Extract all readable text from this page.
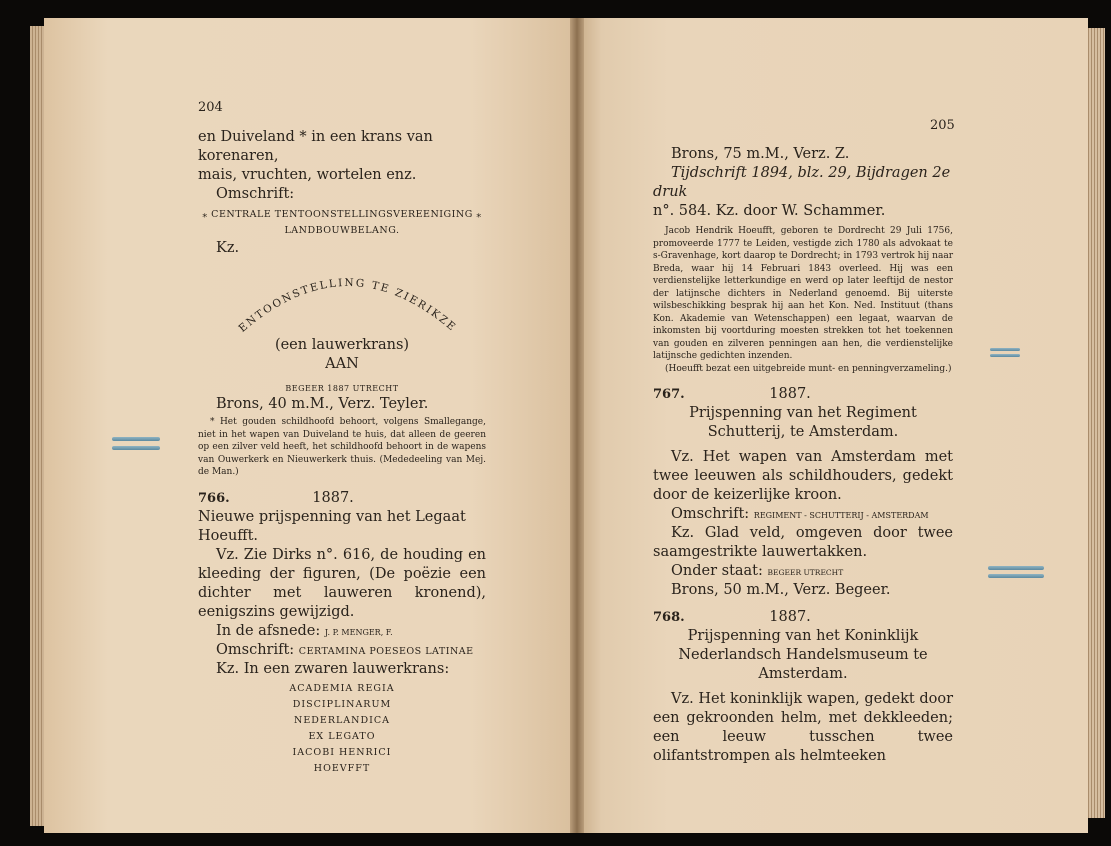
204

en Duiveland * in een krans van korenaren,

mais, vruchten, wortelen enz.

Omschrift:

⁎ CENTRALE TENTOONSTELLINGSVEREENIGING ⁎

LANDBOUWBELANG.

Kz.

ENTOONSTELLING TE ZIERIKZE

(een lauwerkrans)

AAN

BEGEER 1887 UTRECHT

Brons, 40 m.M., Verz. Teyler.

* Het gouden schildhoofd behoort, volgens Smallegange, niet in het wapen van Duiveland te huis, dat alleen de geeren op een zilver veld heeft, het schildhoofd behoort in de wapens van Ouwerkerk en Nieuwerkerk thuis. (Mededeeling van Mej. de Man.)

766.	1887.

Nieuwe prijspenning van het Legaat Hoeufft.

Vz. Zie Dirks n°. 616, de houding en kleeding der figuren, (De poëzie een dichter met lauweren kronend), eenigszins gewijzigd.

In de afsnede: J. P. MENGER, F.

Omschrift: CERTAMINA POESEOS LATINAE

Kz. In een zwaren lauwerkrans:

ACADEMIA REGIA
DISCIPLINARUM
NEDERLANDICA
EX LEGATO
IACOBI HENRICI
HOEVFFT
205

Brons, 75 m.M., Verz. Z.

Tijdschrift 1894, blz. 29, Bijdragen 2e druk

n°. 584. Kz. door W. Schammer.

Jacob Hendrik Hoeufft, geboren te Dordrecht 29 Juli 1756, promoveerde 1777 te Leiden, vestigde zich 1780 als advokaat te s-Gravenhage, kort daarop te Dordrecht; in 1793 vertrok hij naar Breda, waar hij 14 Februari 1843 overleed. Hij was een verdienstelijke letterkundige en werd op later leeftijd de nestor der latijnsche dichters in Nederland genoemd. Bij uiterste wilsbeschikking besprak hij aan het Kon. Ned. Instituut (thans Kon. Akademie van Wetenschappen) een legaat, waarvan de inkomsten bij voortduring moesten strekken tot het toekennen van gouden en zilveren penningen aan hen, die verdienstelijke latijnsche gedichten inzenden.

(Hoeufft bezat een uitgebreide munt- en penningverzameling.)

767.	1887.

Prijspenning van het Regiment Schutterij, te Amsterdam.

Vz. Het wapen van Amsterdam met twee leeuwen als schildhouders, gedekt door de keizerlijke kroon.

Omschrift: REGIMENT - SCHUTTERIJ - AMSTERDAM

Kz. Glad veld, omgeven door twee saamgestrikte lauwertakken.

Onder staat: BEGEER UTRECHT

Brons, 50 m.M., Verz. Begeer.

768.	1887.

Prijspenning van het Koninklijk Nederlandsch Handelsmuseum te Amsterdam.

Vz. Het koninklijk wapen, gedekt door een gekroonden helm, met dekkleeden; een leeuw tusschen twee olifantstrompen als helmteeken
